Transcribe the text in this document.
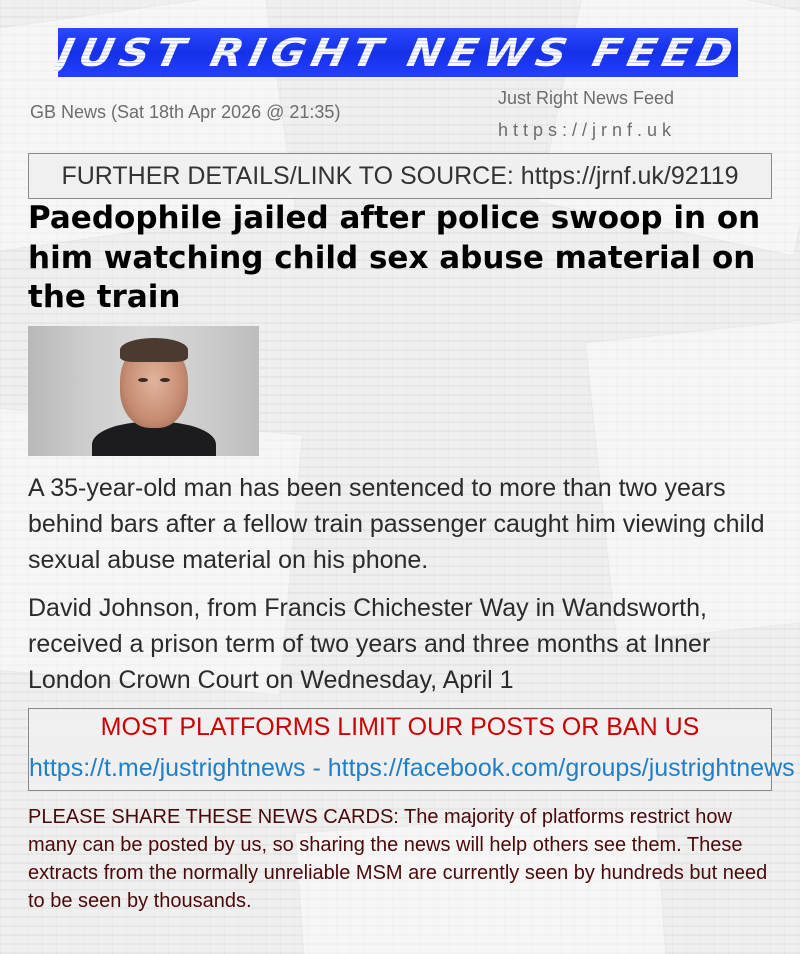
JUST RIGHT NEWS FEED
GB News (Sat 18th Apr 2026 @ 21:35)
Just Right News Feed
https://jrnf.uk
FURTHER DETAILS/LINK TO SOURCE: https://jrnf.uk/92119
Paedophile jailed after police swoop in on him watching child sex abuse material on the train
A 35-year-old man has been sentenced to more than two years behind bars after a fellow train passenger caught him viewing child sexual abuse material on his phone.
David Johnson, from Francis Chichester Way in Wandsworth, received a prison term of two years and three months at Inner London Crown Court on Wednesday, April 1
MOST PLATFORMS LIMIT OUR POSTS OR BAN US
https://t.me/justrightnews - https://facebook.com/groups/justrightnews
PLEASE SHARE THESE NEWS CARDS: The majority of platforms restrict how many can be posted by us, so sharing the news will help others see them. These extracts from the normally unreliable MSM are currently seen by hundreds but need to be seen by thousands.
